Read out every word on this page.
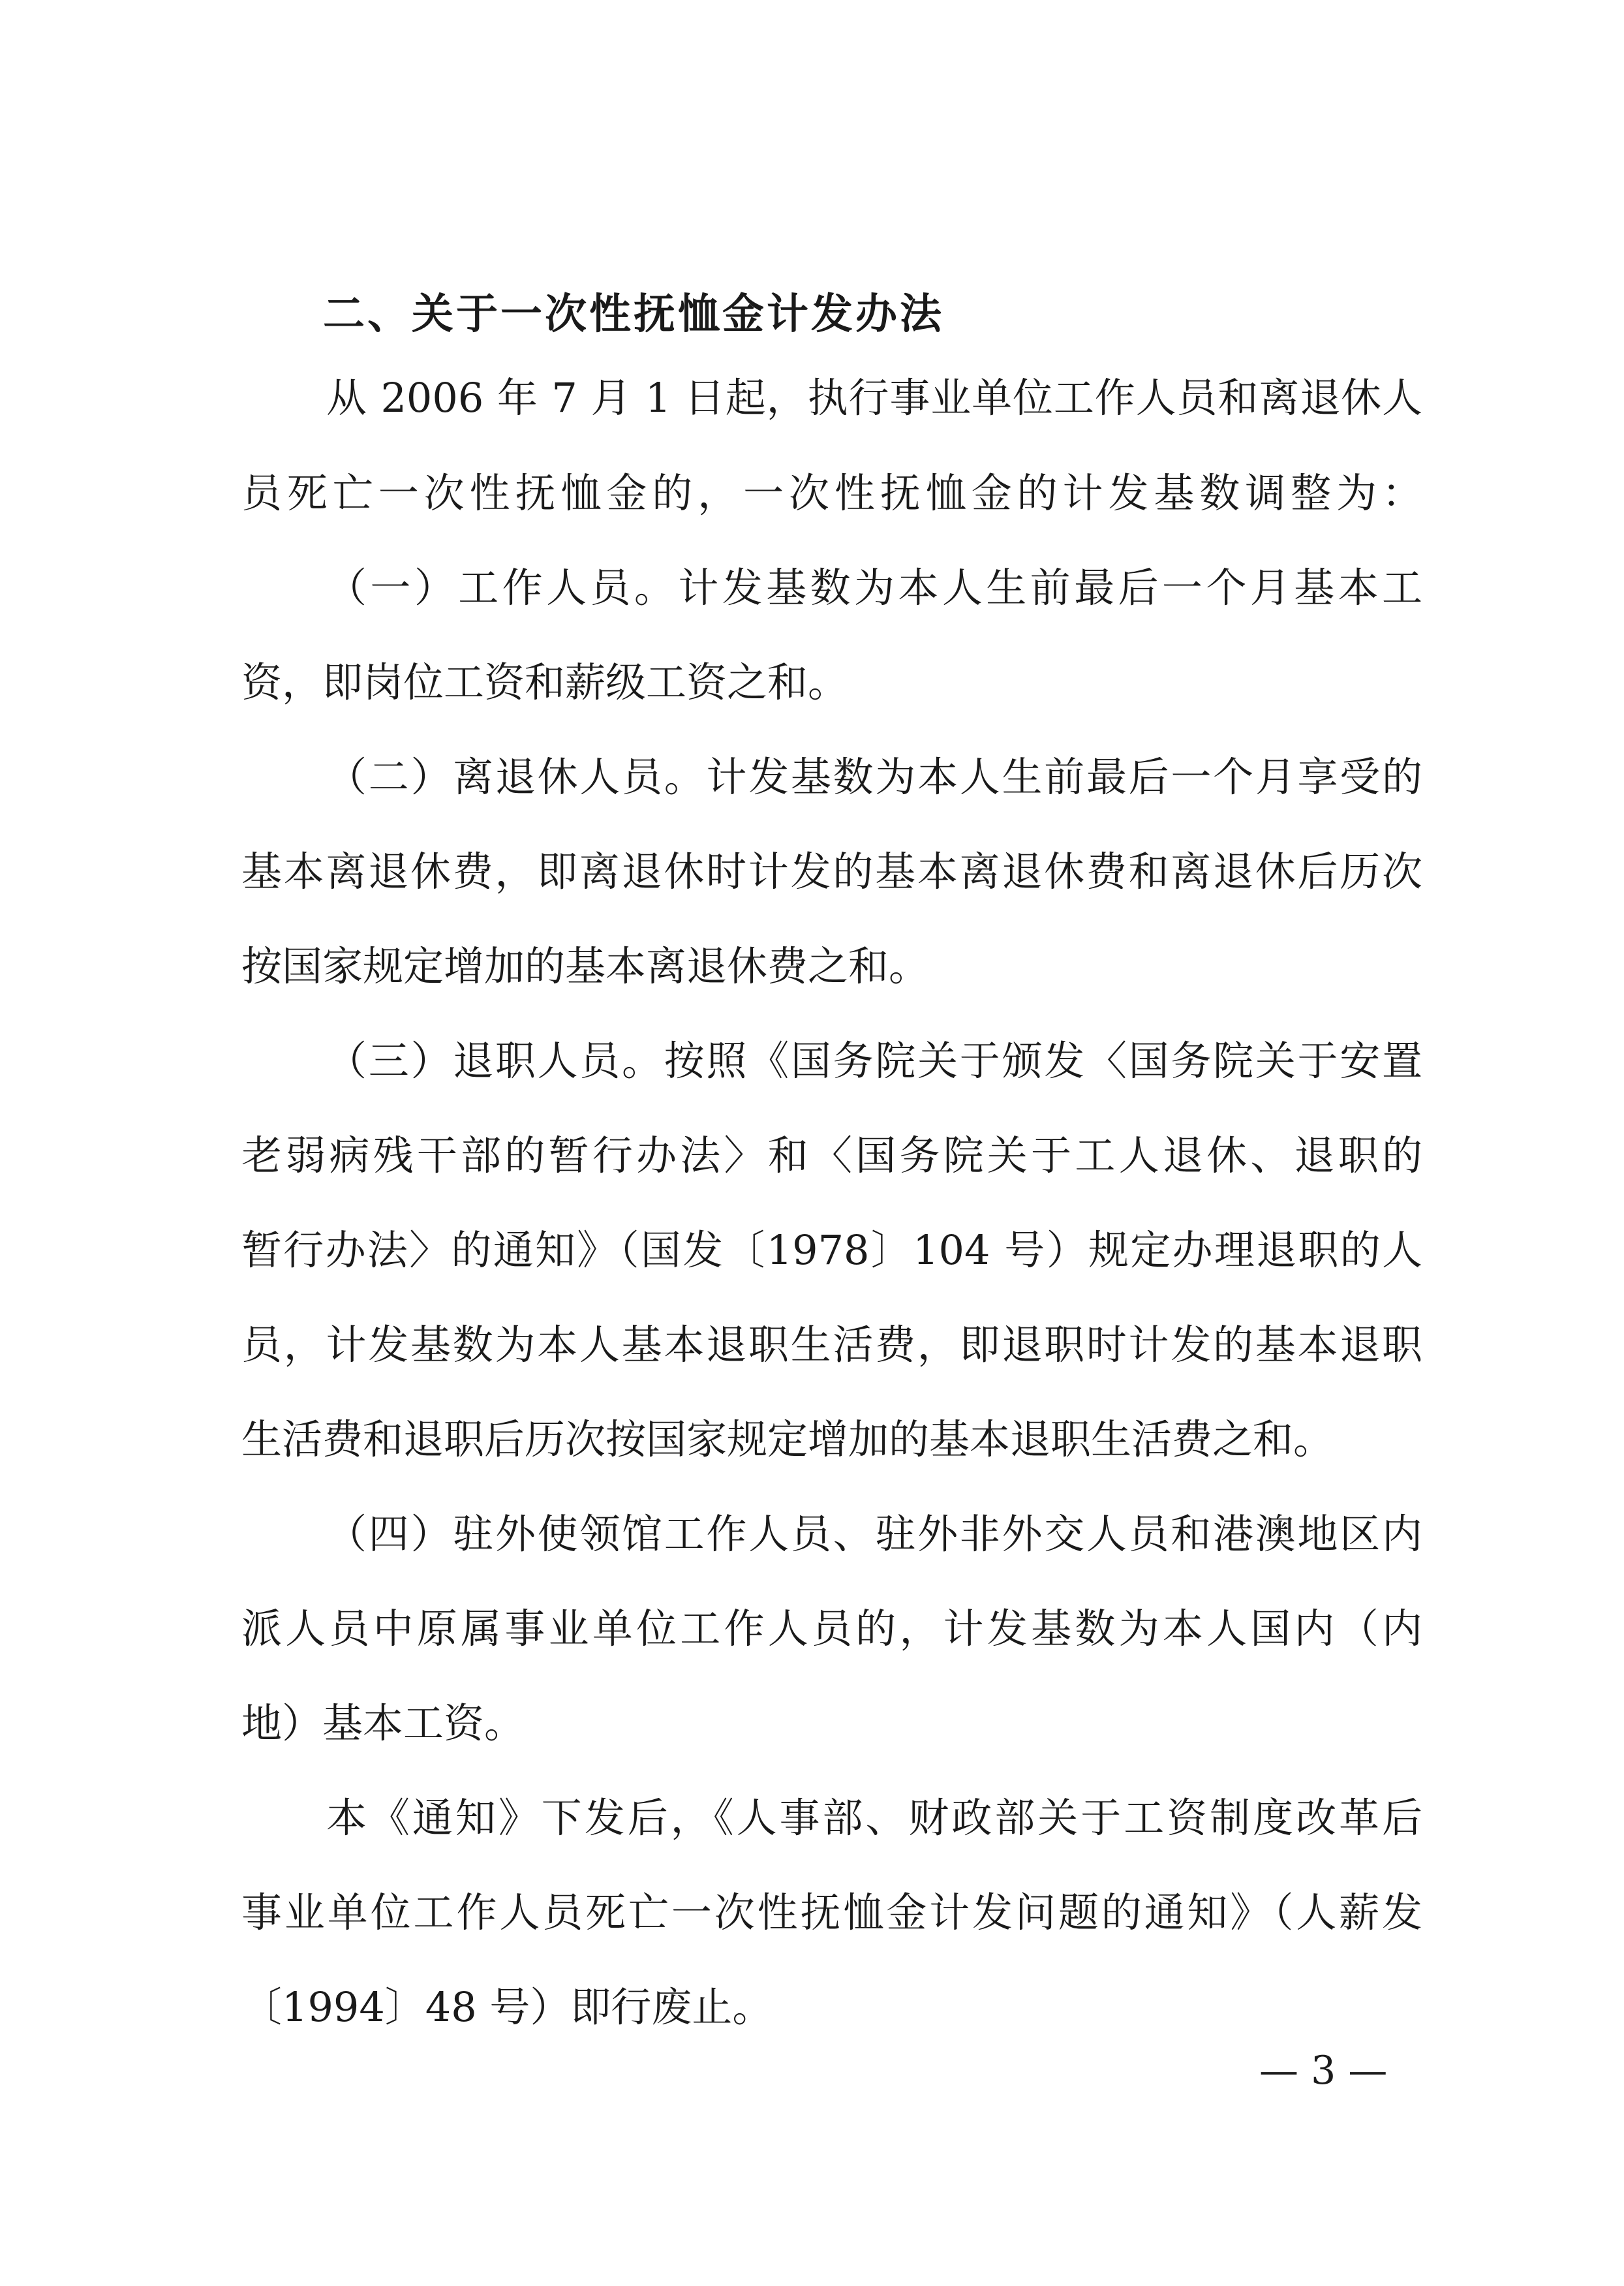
二、关于一次性抚恤金计发办法

从 2006 年 7 月 1 日起，执行事业单位工作人员和离退休人

员死亡一次性抚恤金的，一次性抚恤金的计发基数调整为：

（一）工作人员。计发基数为本人生前最后一个月基本工

资，即岗位工资和薪级工资之和。

（二）离退休人员。计发基数为本人生前最后一个月享受的

基本离退休费，即离退休时计发的基本离退休费和离退休后历次

按国家规定增加的基本离退休费之和。

（三）退职人员。按照《国务院关于颁发〈国务院关于安置

老弱病残干部的暂行办法〉和〈国务院关于工人退休、退职的

暂行办法〉的通知》（国发〔1978〕104 号）规定办理退职的人

员，计发基数为本人基本退职生活费，即退职时计发的基本退职

生活费和退职后历次按国家规定增加的基本退职生活费之和。

（四）驻外使领馆工作人员、驻外非外交人员和港澳地区内

派人员中原属事业单位工作人员的，计发基数为本人国内（内

地）基本工资。

本《通知》下发后，《人事部、财政部关于工资制度改革后

事业单位工作人员死亡一次性抚恤金计发问题的通知》（人薪发

〔1994〕48 号）即行废止。

— 3 —
